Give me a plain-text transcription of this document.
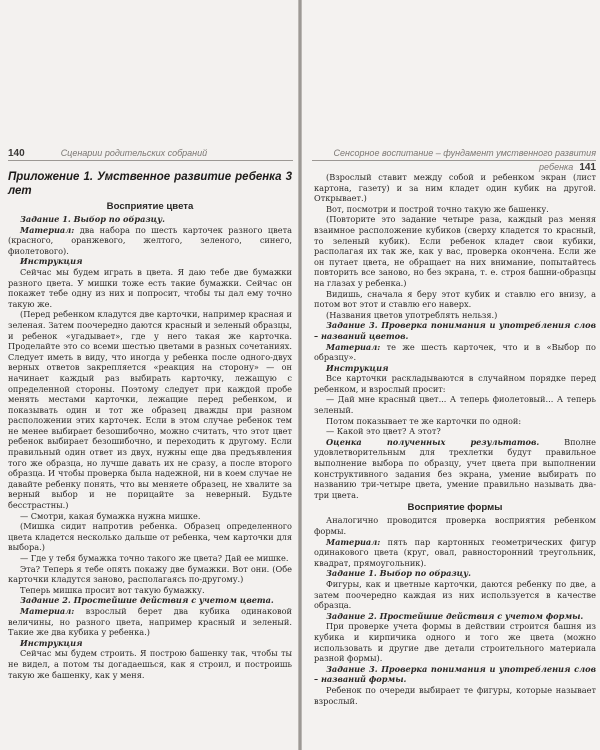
140	Сценарии родительских собраний

Приложение 1. Умственное развитие ребенка 3 лет

Восприятие цвета

Задание 1. Выбор по образцу.

Материал: два набора по шесть карточек разного цвета (красного, оранжевого, желтого, зеленого, синего, фиолетового).

Инструкция

Сейчас мы будем играть в цвета. Я даю тебе две бумажки разного цвета. У мишки тоже есть такие бумажки. Сейчас он покажет тебе одну из них и попросит, чтобы ты дал ему точно такую же.

(Перед ребенком кладутся две карточки, например красная и зеленая. Затем поочередно даются красный и зеленый образцы, и ребенок «угадывает», где у него такая же карточка. Проделайте это со всеми шестью цветами в разных сочетаниях. Следует иметь в виду, что иногда у ребенка после одного-двух верных ответов закрепляется «реакция на сторону» — он начинает каждый раз выбирать карточку, лежащую с определенной стороны. Поэтому следует при каждой пробе менять местами карточки, лежащие перед ребенком, и показывать один и тот же образец дважды при разном расположении этих карточек. Если в этом случае ребенок тем не менее выбирает безошибочно, можно считать, что этот цвет ребенок выбирает безошибочно, и переходить к другому. Если правильный один ответ из двух, нужны еще два предъявления того же образца, но лучше давать их не сразу, а после второго образца. И чтобы проверка была надежной, ни в коем случае не давайте ребенку понять, что вы меняете образец, не хвалите за верный выбор и не порицайте за неверный. Будьте бесстрастны.)

— Смотри, какая бумажка нужна мишке.

(Мишка сидит напротив ребенка. Образец определенного цвета кладется несколько дальше от ребенка, чем карточки для выбора.)

— Где у тебя бумажка точно такого же цвета? Дай ее мишке.

Эта? Теперь я тебе опять покажу две бумажки. Вот они. (Обе карточки кладутся заново, располагаясь по-другому.)

Теперь мишка просит вот такую бумажку.

Задание 2. Простейшие действия с учетом цвета.

Материал: взрослый берет два кубика одинаковой величины, но разного цвета, например красный и зеленый. Такие же два кубика у ребенка.)

Инструкция

Сейчас мы будем строить. Я построю башенку так, чтобы ты не видел, а потом ты догадаешься, как я строил, и построишь такую же башенку, как у меня.

Сенсорное воспитание – фундамент умственного развития ребенка 141

(Взрослый ставит между собой и ребенком экран (лист картона, газету) и за ним кладет один кубик на другой. Открывает.)

Вот, посмотри и построй точно такую же башенку.

(Повторите это задание четыре раза, каждый раз меняя взаимное расположение кубиков (сверху кладется то красный, то зеленый кубик). Если ребенок кладет свои кубики, располагая их так же, как у вас, проверка окончена. Если же он путает цвета, не обращает на них внимание, попытайтесь повторить все заново, но без экрана, т. е. строя башни-образцы на глазах у ребенка.)

Видишь, сначала я беру этот кубик и ставлю его внизу, а потом вот этот и ставлю его наверх.

(Названия цветов употреблять нельзя.)

Задание 3. Проверка понимания и употребления слов – названий цветов.

Материал: те же шесть карточек, что и в «Выбор по образцу».

Инструкция

Все карточки раскладываются в случайном порядке перед ребенком, и взрослый просит:

— Дай мне красный цвет... А теперь фиолетовый... А теперь зеленый.

Потом показывает те же карточки по одной:

— Какой это цвет? А этот?

Оценка полученных результатов. Вполне удовлетворительным для трехлетки будут правильное выполнение выбора по образцу, учет цвета при выполнении конструктивного задания без экрана, умение выбирать по названию три-четыре цвета, умение правильно называть два-три цвета.

Восприятие формы

Аналогично проводится проверка восприятия ребенком формы.

Материал: пять пар картонных геометрических фигур одинакового цвета (круг, овал, равносторонний треугольник, квадрат, прямоугольник).

Задание 1. Выбор по образцу.

Фигуры, как и цветные карточки, даются ребенку по две, а затем поочередно каждая из них используется в качестве образца.

Задание 2. Простейшие действия с учетом формы.

При проверке учета формы в действии строится башня из кубика и кирпичика одного и того же цвета (можно использовать и другие две детали строительного материала разной формы).

Задание 3. Проверка понимания и употребления слов – названий формы.

Ребенок по очереди выбирает те фигуры, которые называет взрослый.
